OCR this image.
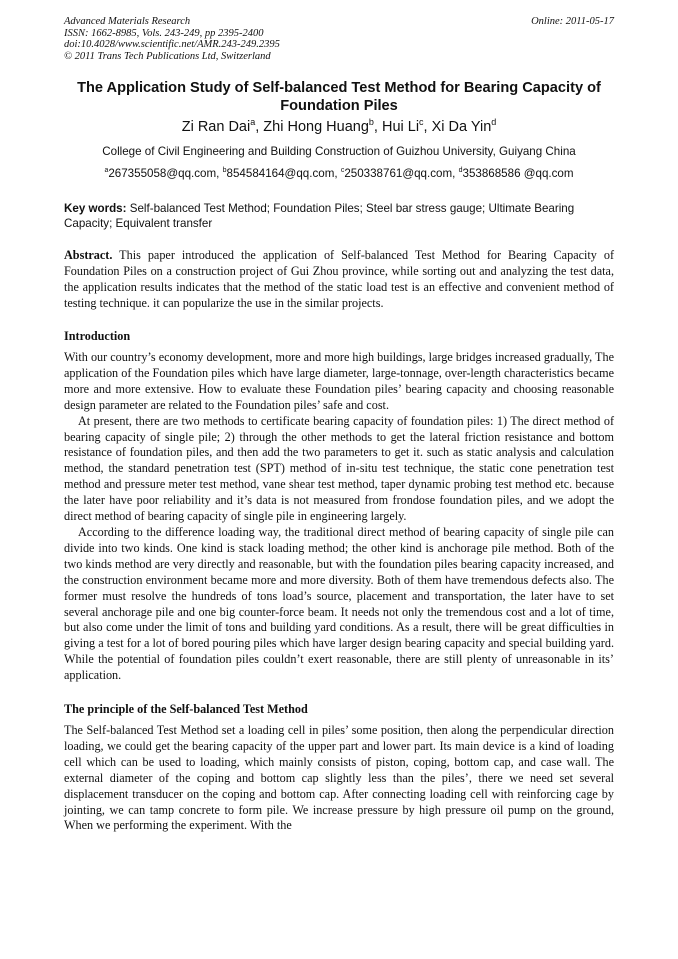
Advanced Materials Research
ISSN: 1662-8985, Vols. 243-249, pp 2395-2400
doi:10.4028/www.scientific.net/AMR.243-249.2395
© 2011 Trans Tech Publications Ltd, Switzerland
Online: 2011-05-17
The Application Study of Self-balanced Test Method for Bearing Capacity of Foundation Piles
Zi Ran Dai$^a$, Zhi Hong Huang$^b$, Hui Li$^c$, Xi Da Yin$^d$
College of Civil Engineering and Building Construction of Guizhou University, Guiyang China
$^a$267355058@qq.com, $^b$854584164@qq.com, $^c$250338761@qq.com, $^d$353868586 @qq.com
Key words: Self-balanced Test Method; Foundation Piles; Steel bar stress gauge; Ultimate Bearing Capacity; Equivalent transfer
Abstract. This paper introduced the application of Self-balanced Test Method for Bearing Capacity of Foundation Piles on a construction project of Gui Zhou province, while sorting out and analyzing the test data, the application results indicates that the method of the static load test is an effective and convenient method of testing technique. it can popularize the use in the similar projects.
Introduction

With our country’s economy development, more and more high buildings, large bridges increased gradually, The application of the Foundation piles which have large diameter, large-tonnage, over-length characteristics became more and more extensive. How to evaluate these Foundation piles’ bearing capacity and choosing reasonable design parameter are related to the Foundation piles’ safe and cost.

At present, there are two methods to certificate bearing capacity of foundation piles: 1) The direct method of bearing capacity of single pile; 2) through the other methods to get the lateral friction resistance and bottom resistance of foundation piles, and then add the two parameters to get it. such as static analysis and calculation method, the standard penetration test (SPT) method of in-situ test technique, the static cone penetration test method and pressure meter test method, vane shear test method, taper dynamic probing test method etc. because the later have poor reliability and it’s data is not measured from frondose foundation piles, and we adopt the direct method of bearing capacity of single pile in engineering largely.

According to the difference loading way, the traditional direct method of bearing capacity of single pile can divide into two kinds. One kind is stack loading method; the other kind is anchorage pile method. Both of the two kinds method are very directly and reasonable, but with the foundation piles bearing capacity increased, and the construction environment became more and more diversity. Both of them have tremendous defects also. The former must resolve the hundreds of tons load’s source, placement and transportation, the later have to set several anchorage pile and one big counter-force beam. It needs not only the tremendous cost and a lot of time, but also come under the limit of tons and building yard conditions. As a result, there will be great difficulties in giving a test for a lot of bored pouring piles which have larger design bearing capacity and special building yard. While the potential of foundation piles couldn’t exert reasonable, there are still plenty of unreasonable in its’ application.

The principle of the Self-balanced Test Method

The Self-balanced Test Method set a loading cell in piles’ some position, then along the perpendicular direction loading, we could get the bearing capacity of the upper part and lower part. Its main device is a kind of loading cell which can be used to loading, which mainly consists of piston, coping, bottom cap, and case wall. The external diameter of the coping and bottom cap slightly less than the piles’, there we need set several displacement transducer on the coping and bottom cap. After connecting loading cell with reinforcing cage by jointing, we can tamp concrete to form pile. We increase pressure by high pressure oil pump on the ground, When we performing the experiment. With the
